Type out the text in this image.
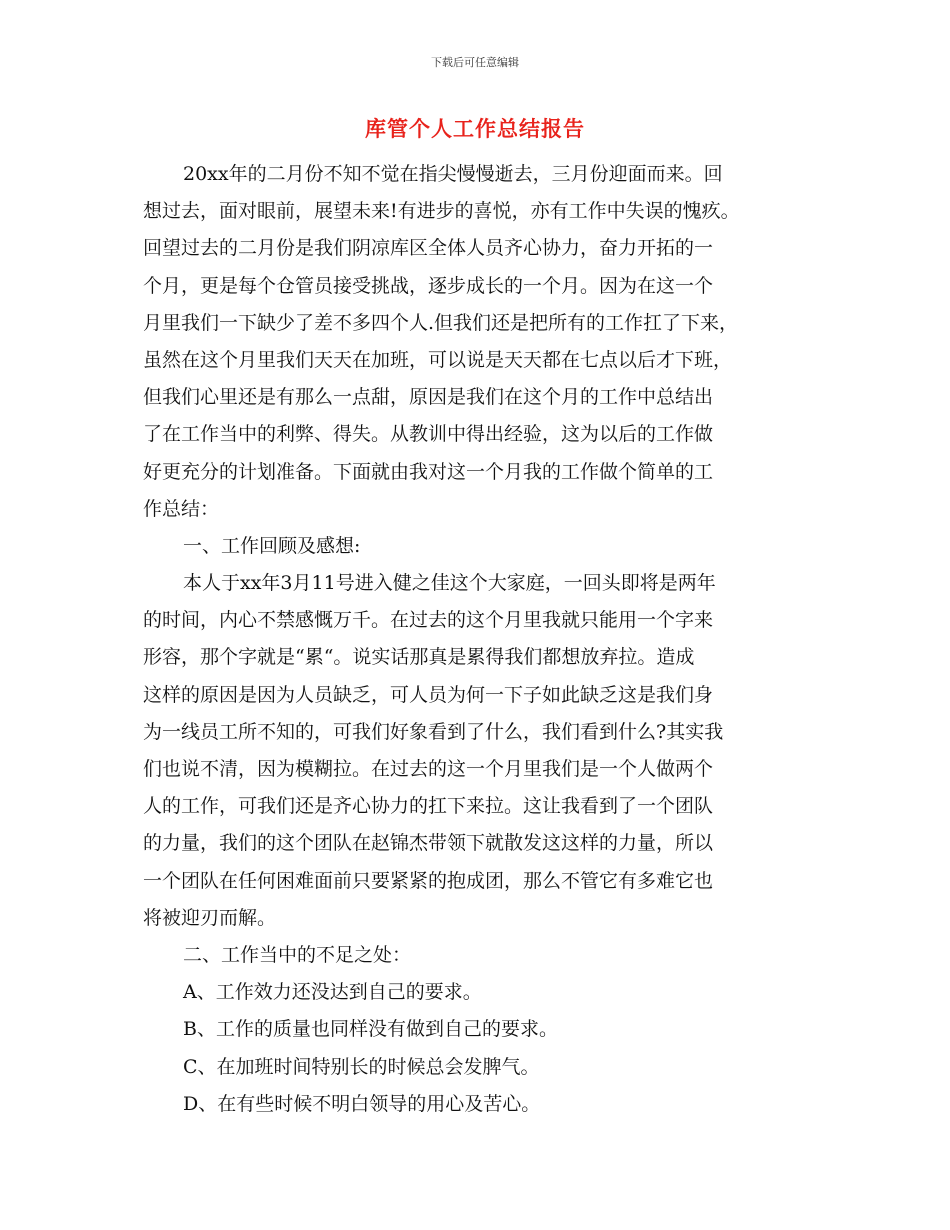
下载后可任意编辑
库管个人工作总结报告
20xx年的二月份不知不觉在指尖慢慢逝去，三月份迎面而来。回
想过去，面对眼前，展望未来!有进步的喜悦，亦有工作中失误的愧疚。
回望过去的二月份是我们阴凉库区全体人员齐心协力，奋力开拓的一
个月，更是每个仓管员接受挑战，逐步成长的一个月。因为在这一个
月里我们一下缺少了差不多四个人.但我们还是把所有的工作扛了下来，
虽然在这个月里我们天天在加班，可以说是天天都在七点以后才下班，
但我们心里还是有那么一点甜，原因是我们在这个月的工作中总结出
了在工作当中的利弊、得失。从教训中得出经验，这为以后的工作做
好更充分的计划准备。下面就由我对这一个月我的工作做个简单的工
作总结：
一、工作回顾及感想:
本人于xx年3月11号进入健之佳这个大家庭，一回头即将是两年
的时间，内心不禁感慨万千。在过去的这个月里我就只能用一个字来
形容，那个字就是“累“。说实话那真是累得我们都想放弃拉。造成
这样的原因是因为人员缺乏，可人员为何一下子如此缺乏这是我们身
为一线员工所不知的，可我们好象看到了什么，我们看到什么?其实我
们也说不清，因为模糊拉。在过去的这一个月里我们是一个人做两个
人的工作，可我们还是齐心协力的扛下来拉。这让我看到了一个团队
的力量，我们的这个团队在赵锦杰带领下就散发这这样的力量，所以
一个团队在任何困难面前只要紧紧的抱成团，那么不管它有多难它也
将被迎刃而解。
二、工作当中的不足之处：
A、工作效力还没达到自己的要求。
B、工作的质量也同样没有做到自己的要求。
C、在加班时间特别长的时候总会发脾气。
D、在有些时候不明白领导的用心及苦心。
